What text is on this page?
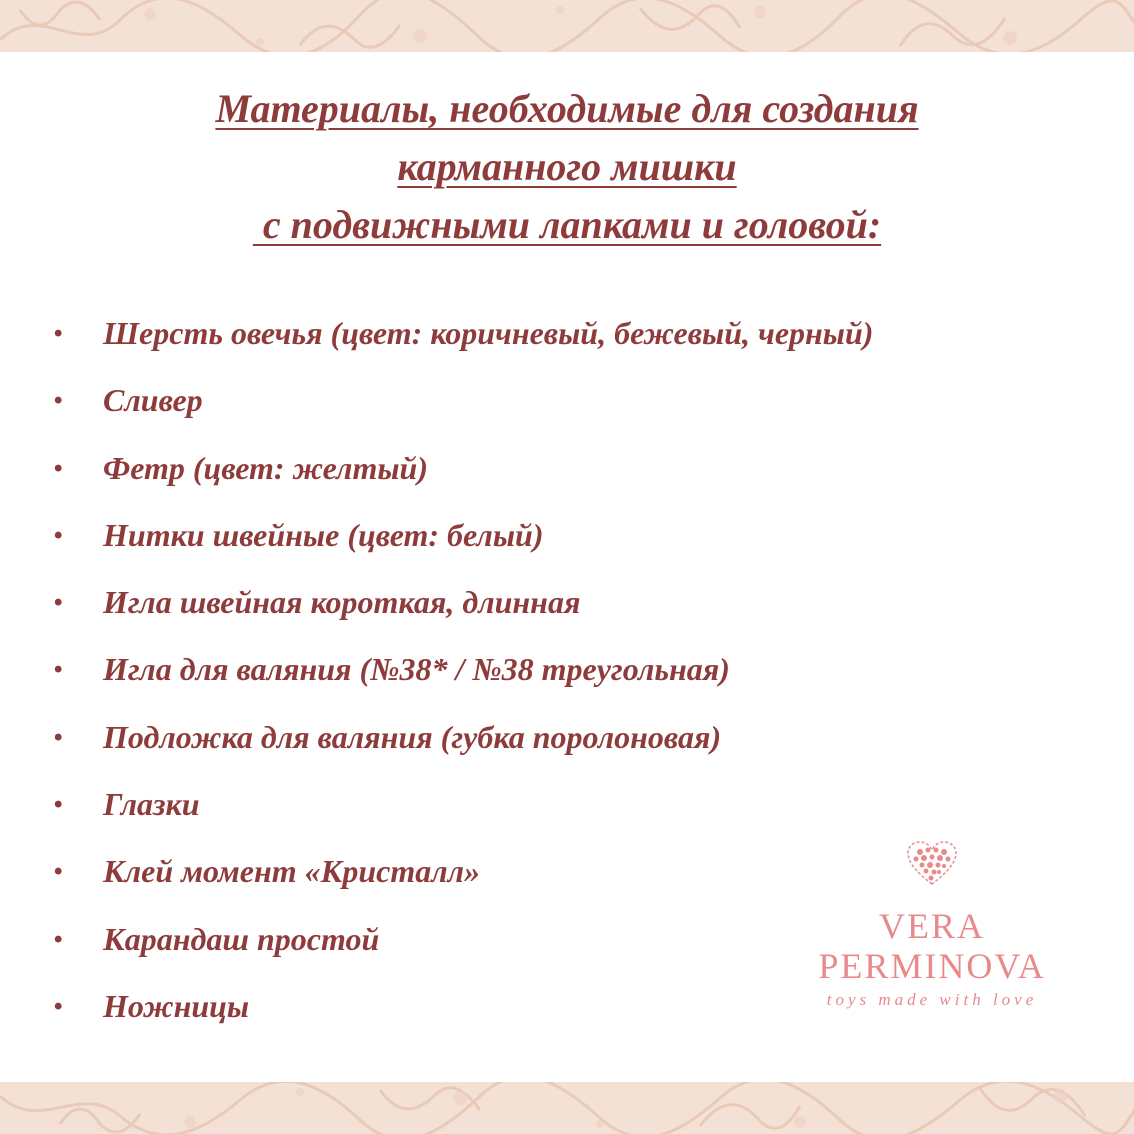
Материалы, необходимые для создания
карманного мишки
с подвижными лапками и головой:
• Шерсть овечья (цвет: коричневый, бежевый, черный)
• Сливер
• Фетр (цвет: желтый)
• Нитки швейные (цвет: белый)
• Игла швейная короткая, длинная
• Игла для валяния (№38* / №38 треугольная)
• Подложка для валяния (губка поролоновая)
• Глазки
• Клей момент «Кристалл»
• Карандаш простой
• Ножницы
VERA
PERMINOVA
toys made with love
